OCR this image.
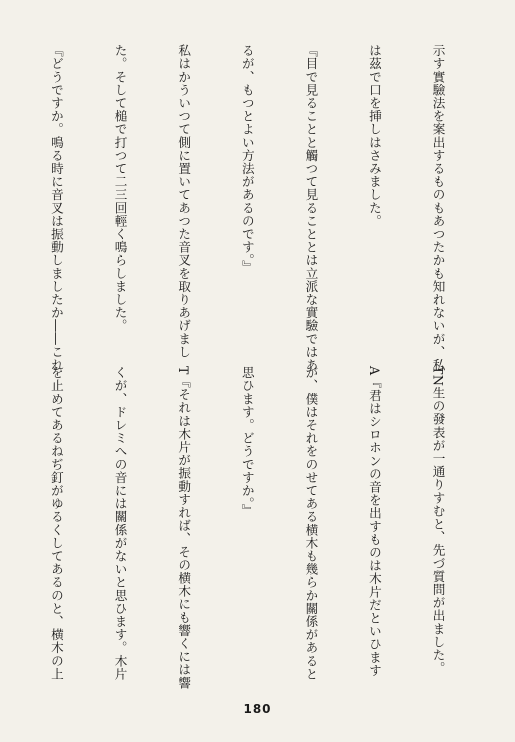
示す實驗法を案出するものもあつたかも知れないが、私

は茲で口を挿しはさみました。

『目で見ることと觸つて見ることとは立派な實驗ではあ

るが、もつとよい方法があるのです。』

私はかういつて側に置いてあつた音叉を取りあげまし

た。そして槌で打つて二三回輕く鳴らしました。

『どうですか。鳴る時に音叉は振動しましたか――これ

TN生の發表が一通りすむと、先づ質問が出ました。

A『君はシロホンの音を出すものは木片だといひます

が、僕はそれをのせてある横木も幾らか關係があると

思ひます。どうですか。』

T『それは木片が振動すれば、その横木にも響くには響

くが、ドレミへの音には關係がないと思ひます。木片

を止めてあるねぢ釘がゆるくしてあるのと、横木の上

180
